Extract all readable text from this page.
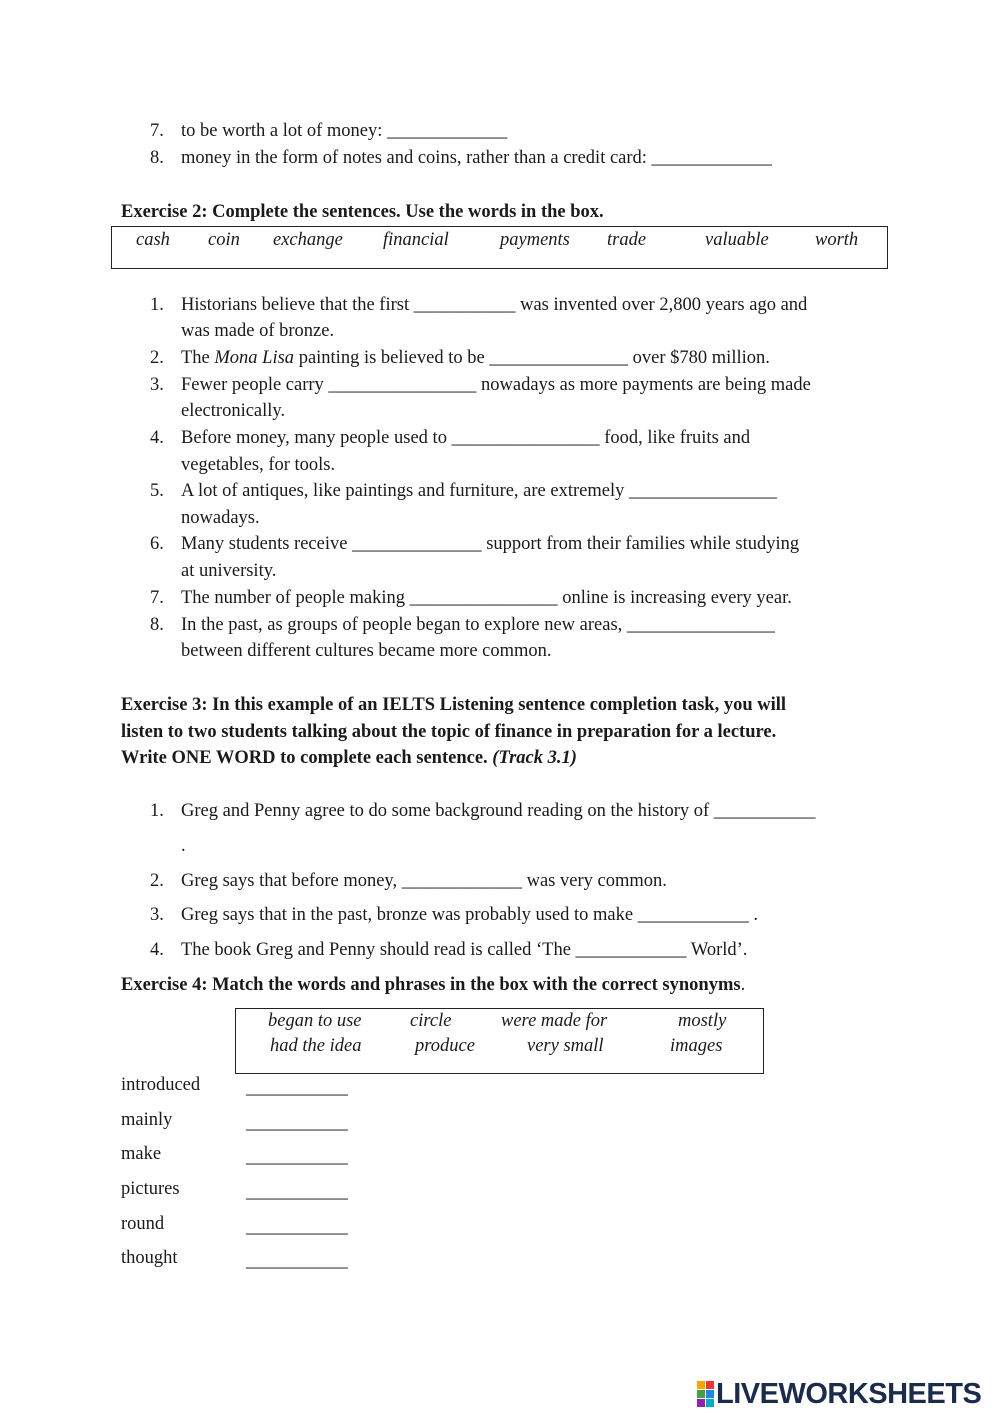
7. to be worth a lot of money: _____________
8. money in the form of notes and coins, rather than a credit card: _____________
Exercise 2: Complete the sentences. Use the words in the box.
cash coin exchange financial	payments trade	valuable	worth
1. Historians believe that the first ___________ was invented over 2,800 years ago and
was made of bronze.
2. The Mona Lisa painting is believed to be _______________ over $780 million.
3. Fewer people carry ________________ nowadays as more payments are being made
electronically.
4. Before money, many people used to ________________ food, like fruits and
vegetables, for tools.
5. A lot of antiques, like paintings and furniture, are extremely ________________
nowadays.
6. Many students receive ______________ support from their families while studying
at university.
7. The number of people making ________________ online is increasing every year.
8. In the past, as groups of people began to explore new areas, ________________
between different cultures became more common.
Exercise 3: In this example of an IELTS Listening sentence completion task, you will
listen to two students talking about the topic of finance in preparation for a lecture.
Write ONE WORD to complete each sentence. (Track 3.1)
1. Greg and Penny agree to do some background reading on the history of ___________
.
2. Greg says that before money, _____________ was very common.
3. Greg says that in the past, bronze was probably used to make ____________ .
4. The book Greg and Penny should read is called ‘The ____________ World’.
Exercise 4: Match the words and phrases in the box with the correct synonyms.
began to use	circle	were made for	mostly
had the idea	produce	very small	images
introduced ___________
mainly	___________
make	___________
pictures	___________
round	___________
thought	___________
LIVEWORKSHEETS
